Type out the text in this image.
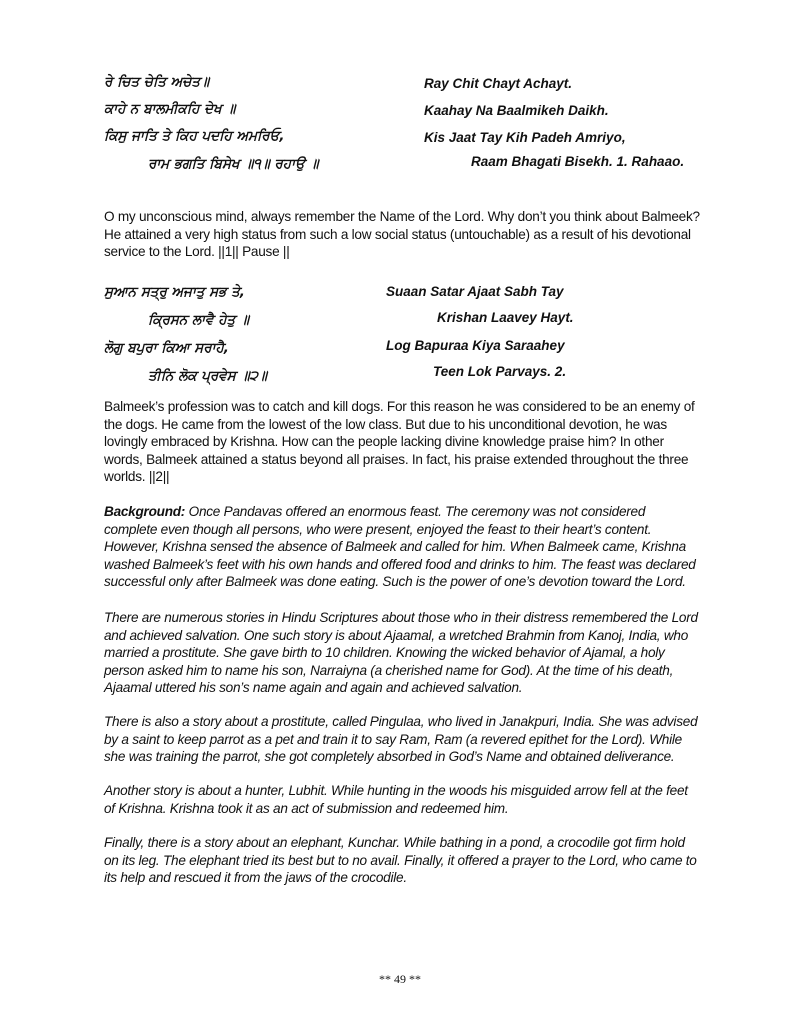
ਰੇ ਚਿਤ ਚੇਤਿ ਅਚੇਤ॥	Ray Chit Chayt Achayt.
ਕਾਹੇ ਨ ਬਾਲਮੀਕਹਿ ਦੇਖ ॥	Kaahay Na Baalmikeh Daikh.
ਕਿਸੁ ਜਾਤਿ ਤੇ ਕਿਹ ਪਦਹਿ ਅਮਰਿਓ,	Kis Jaat Tay Kih Padeh Amriyo,
ਰਾਮ ਭਗਤਿ ਬਿਸੇਖ ॥੧॥ ਰਹਾਉ ॥	Raam Bhagati Bisekh. 1. Rahaao.

O my unconscious mind, always remember the Name of the Lord. Why don’t you think about Balmeek? He attained a very high status from such a low social status (untouchable) as a result of his devotional service to the Lord. ||1|| Pause ||

ਸੁਆਨ ਸਤ੍ਰੁ ਅਜਾਤੁ ਸਭ ਤੇ,	Suaan Satar Ajaat Sabh Tay
ਕ੍ਰਿਸਨ ਲਾਵੈ ਹੇਤੁ ॥	Krishan Laavey Hayt.
ਲੋਗੁ ਬਪੁਰਾ ਕਿਆ ਸਰਾਹੈ,	Log Bapuraa Kiya Saraahey
ਤੀਨਿ ਲੋਕ ਪ੍ਰਵੇਸ ॥੨॥	Teen Lok Parvays. 2.

Balmeek’s profession was to catch and kill dogs. For this reason he was considered to be an enemy of the dogs. He came from the lowest of the low class. But due to his unconditional devotion, he was lovingly embraced by Krishna. How can the people lacking divine knowledge praise him? In other words, Balmeek attained a status beyond all praises. In fact, his praise extended throughout the three worlds. ||2||

Background: Once Pandavas offered an enormous feast. The ceremony was not considered complete even though all persons, who were present, enjoyed the feast to their heart’s content. However, Krishna sensed the absence of Balmeek and called for him. When Balmeek came, Krishna washed Balmeek’s feet with his own hands and offered food and drinks to him. The feast was declared successful only after Balmeek was done eating. Such is the power of one’s devotion toward the Lord.

There are numerous stories in Hindu Scriptures about those who in their distress remembered the Lord and achieved salvation. One such story is about Ajaamal, a wretched Brahmin from Kanoj, India, who married a prostitute. She gave birth to 10 children. Knowing the wicked behavior of Ajamal, a holy person asked him to name his son, Narraiyna (a cherished name for God). At the time of his death, Ajaamal uttered his son’s name again and again and achieved salvation.

There is also a story about a prostitute, called Pingulaa, who lived in Janakpuri, India. She was advised by a saint to keep parrot as a pet and train it to say Ram, Ram (a revered epithet for the Lord). While she was training the parrot, she got completely absorbed in God’s Name and obtained deliverance.

Another story is about a hunter, Lubhit. While hunting in the woods his misguided arrow fell at the feet of Krishna. Krishna took it as an act of submission and redeemed him.

Finally, there is a story about an elephant, Kunchar. While bathing in a pond, a crocodile got firm hold on its leg. The elephant tried its best but to no avail. Finally, it offered a prayer to the Lord, who came to its help and rescued it from the jaws of the crocodile.

** 49 **
